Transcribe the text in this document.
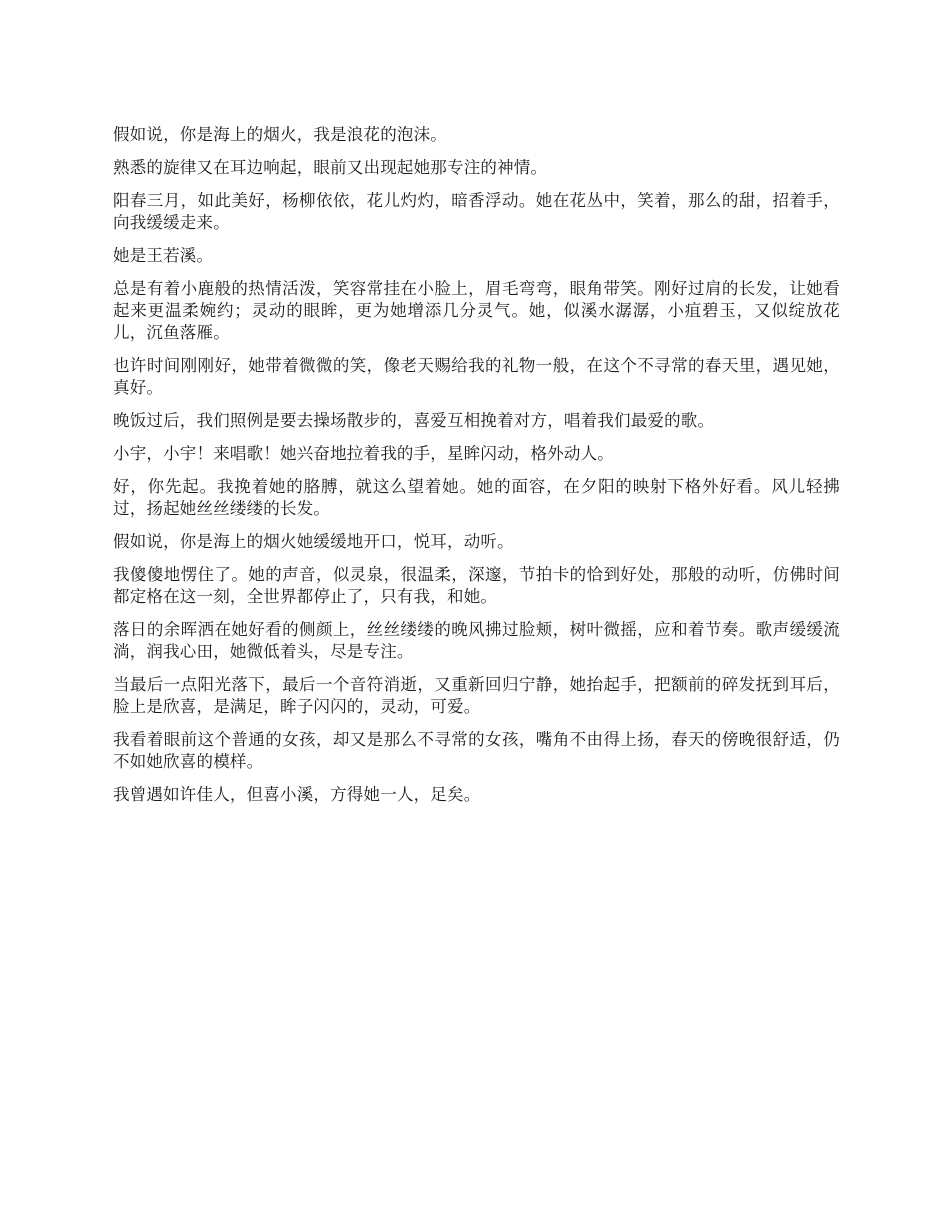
假如说，你是海上的烟火，我是浪花的泡沫。

熟悉的旋律又在耳边响起，眼前又出现起她那专注的神情。

阳春三月，如此美好，杨柳依依，花儿灼灼，暗香浮动。她在花丛中，笑着，那么的甜，招着手，向我缓缓走来。

她是王若溪。

总是有着小鹿般的热情活泼，笑容常挂在小脸上，眉毛弯弯，眼角带笑。刚好过肩的长发，让她看起来更温柔婉约；灵动的眼眸，更为她增添几分灵气。她，似溪水潺潺，小疽碧玉，又似绽放花儿，沉鱼落雁。

也许时间刚刚好，她带着微微的笑，像老天赐给我的礼物一般，在这个不寻常的春天里，遇见她，真好。

晚饭过后，我们照例是要去操场散步的，喜爱互相挽着对方，唱着我们最爱的歌。

小宇，小宇！来唱歌！她兴奋地拉着我的手，星眸闪动，格外动人。

好，你先起。我挽着她的胳膊，就这么望着她。她的面容，在夕阳的映射下格外好看。风儿轻拂过，扬起她丝丝缕缕的长发。

假如说，你是海上的烟火她缓缓地开口，悦耳，动听。

我傻傻地愣住了。她的声音，似灵泉，很温柔，深邃，节拍卡的恰到好处，那般的动听，仿佛时间都定格在这一刻，全世界都停止了，只有我，和她。

落日的余晖洒在她好看的侧颜上，丝丝缕缕的晚风拂过脸颊，树叶微摇，应和着节奏。歌声缓缓流淌，润我心田，她微低着头，尽是专注。

当最后一点阳光落下，最后一个音符消逝，又重新回归宁静，她抬起手，把额前的碎发抚到耳后，脸上是欣喜，是满足，眸子闪闪的，灵动，可爱。

我看着眼前这个普通的女孩，却又是那么不寻常的女孩，嘴角不由得上扬，春天的傍晚很舒适，仍不如她欣喜的模样。

我曾遇如许佳人，但喜小溪，方得她一人，足矣。
